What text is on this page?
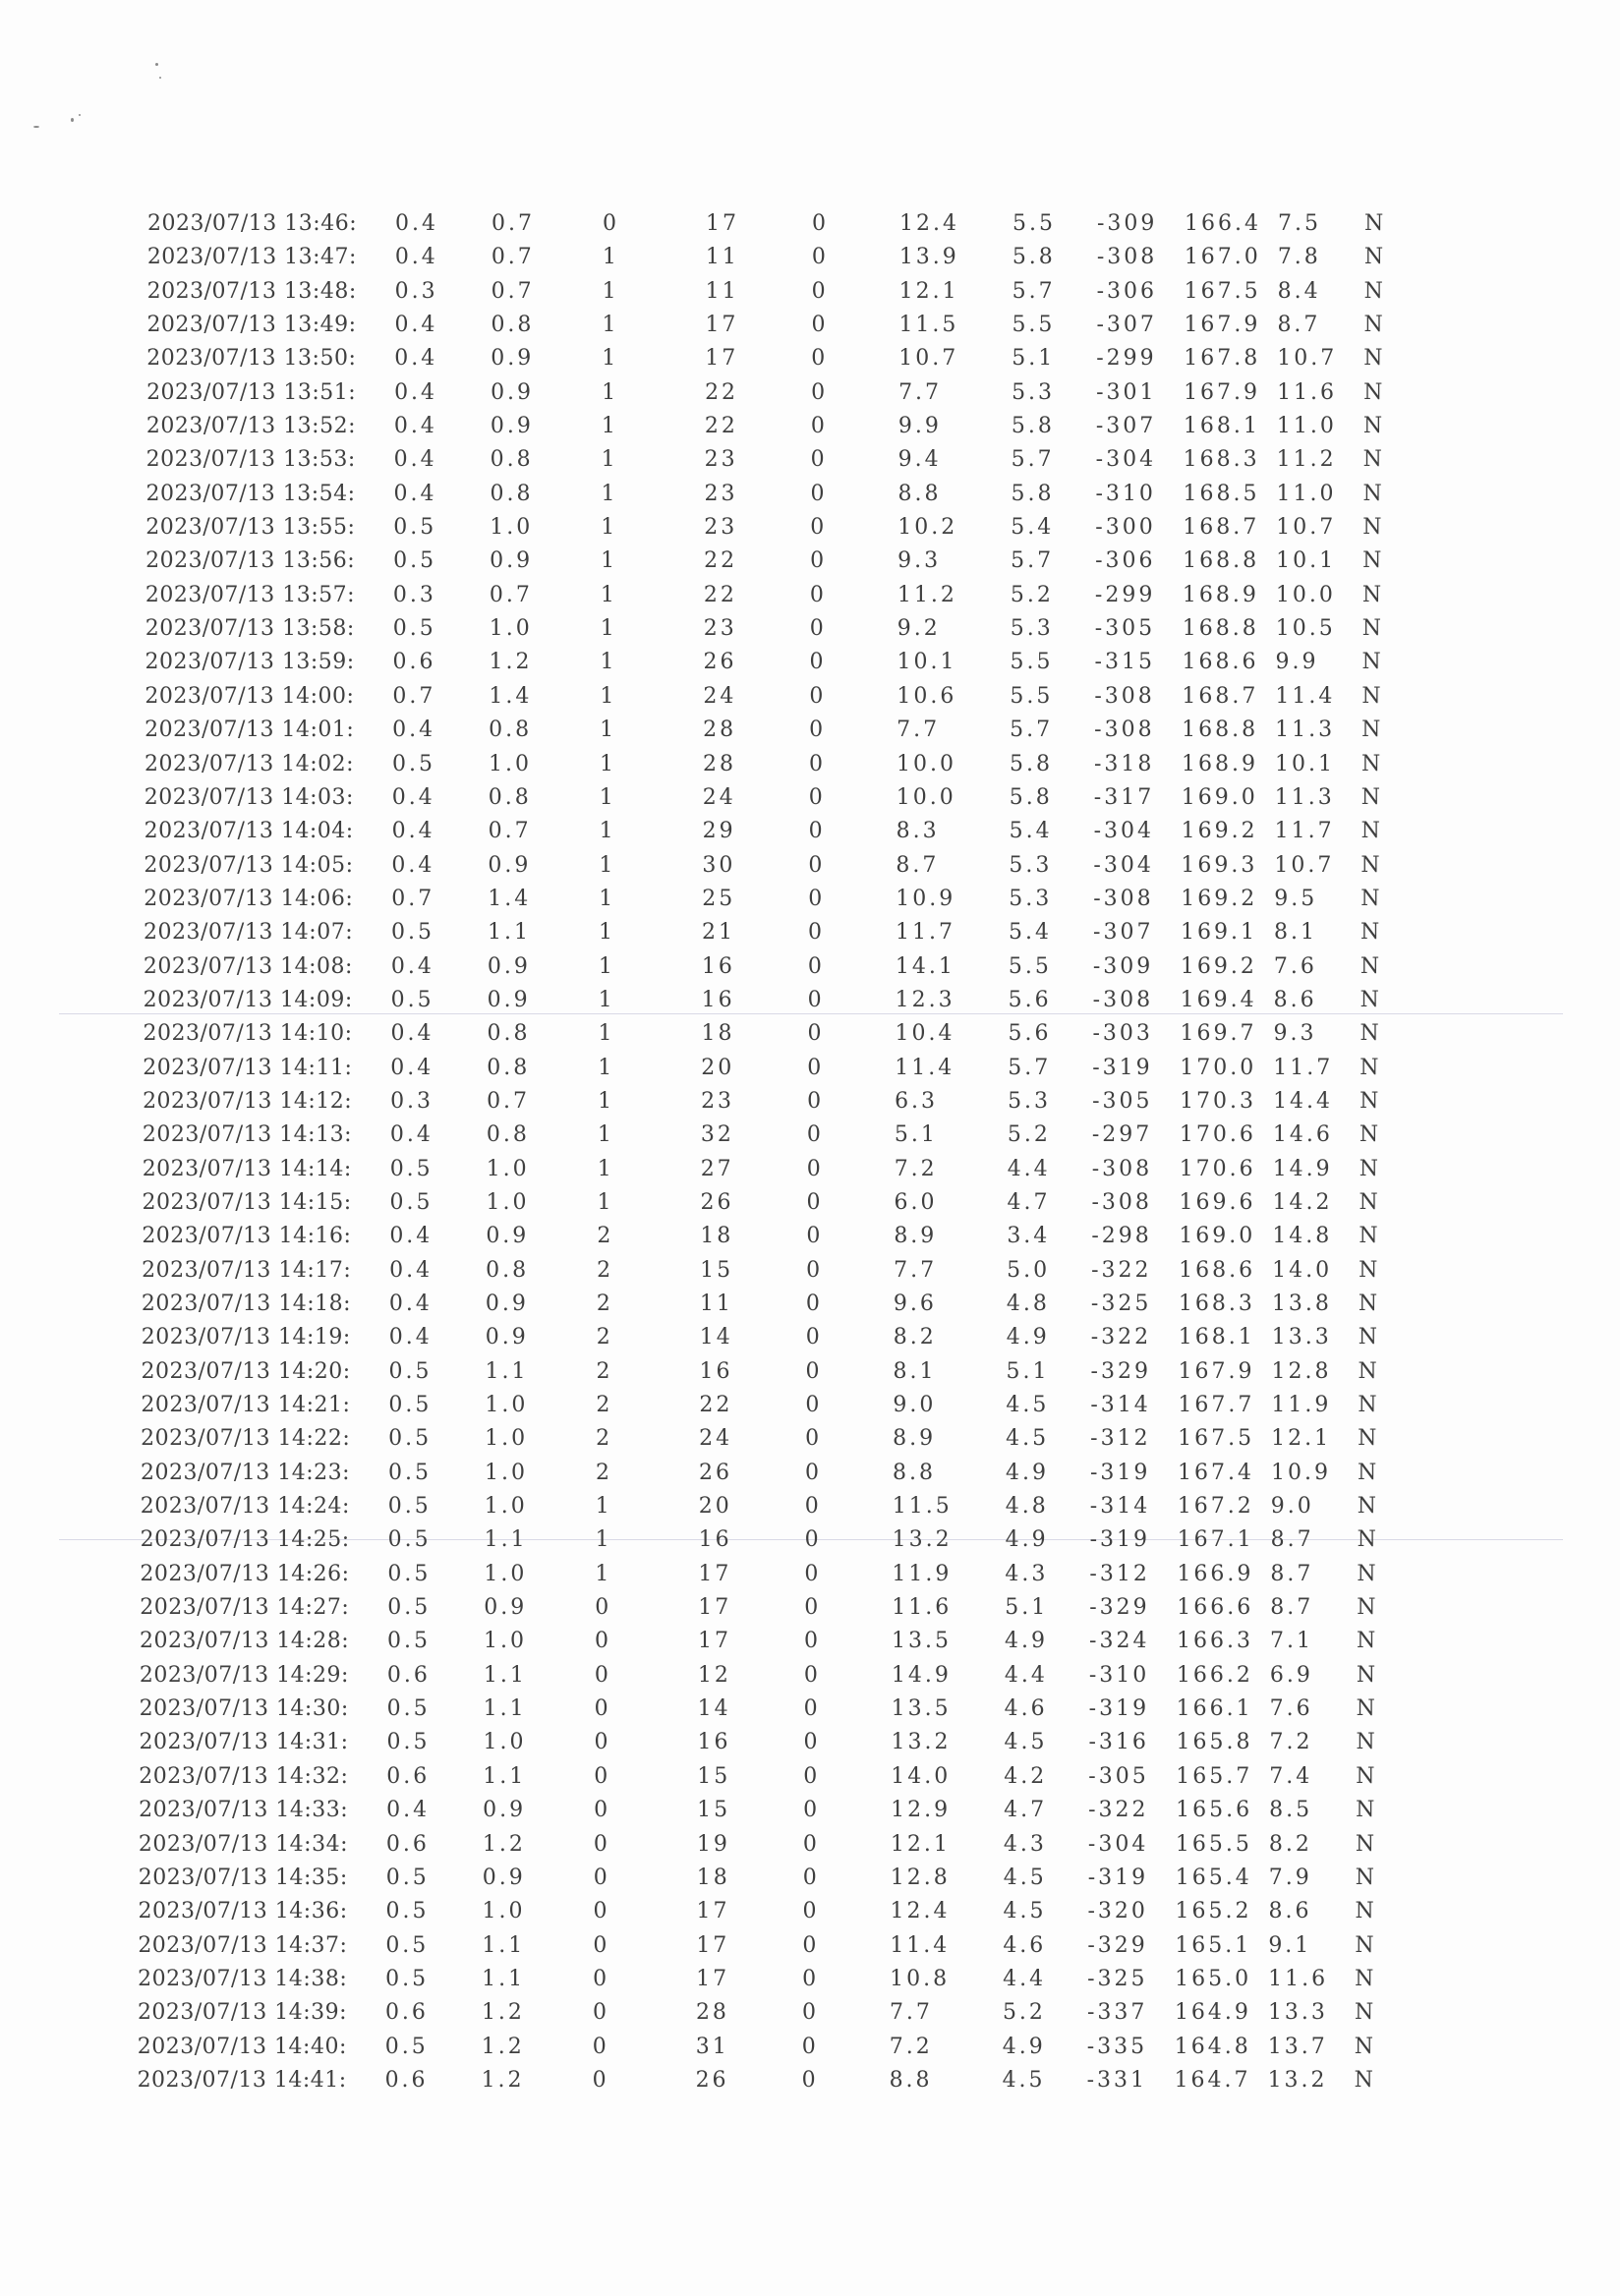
2023/07/13 13:46: 0.4 0.7	0	17	0	12.4 5.5 -309 166.4 7.5 N
2023/07/13 13:47: 0.4 0.7	1	11	0	13.9 5.8 -308 167.0 7.8 N
2023/07/13 13:48: 0.3 0.7	1	11	0	12.1 5.7 -306 167.5 8.4 N
2023/07/13 13:49: 0.4 0.8	1	17	0	11.5 5.5 -307 167.9 8.7 N
2023/07/13 13:50: 0.4 0.9	1	17	0	10.7 5.1 -299 167.8 10.7 N
2023/07/13 13:51: 0.4 0.9	1	22	0	7.7	5.3 -301 167.9 11.6 N
2023/07/13 13:52: 0.4 0.9	1	22	0	9.9	5.8 -307 168.1 11.0 N
2023/07/13 13:53: 0.4 0.8	1	23	0	9.4	5.7 -304 168.3 11.2 N
2023/07/13 13:54: 0.4 0.8	1	23	0	8.8	5.8 -310 168.5 11.0 N
2023/07/13 13:55: 0.5 1.0	1	23	0	10.2 5.4 -300 168.7 10.7 N
2023/07/13 13:56: 0.5 0.9	1	22	0	9.3	5.7 -306 168.8 10.1 N
2023/07/13 13:57: 0.3 0.7	1	22	0	11.2 5.2 -299 168.9 10.0 N
2023/07/13 13:58: 0.5 1.0	1	23	0	9.2	5.3 -305 168.8 10.5 N
2023/07/13 13:59: 0.6 1.2	1	26	0	10.1 5.5 -315 168.6 9.9 N
2023/07/13 14:00: 0.7 1.4	1	24	0	10.6 5.5 -308 168.7 11.4 N
2023/07/13 14:01: 0.4 0.8	1	28	0	7.7	5.7 -308 168.8 11.3 N
2023/07/13 14:02: 0.5 1.0	1	28	0	10.0 5.8 -318 168.9 10.1 N
2023/07/13 14:03: 0.4 0.8	1	24	0	10.0 5.8 -317 169.0 11.3 N
2023/07/13 14:04: 0.4 0.7	1	29	0	8.3	5.4 -304 169.2 11.7 N
2023/07/13 14:05: 0.4 0.9	1	30	0	8.7	5.3 -304 169.3 10.7 N
2023/07/13 14:06: 0.7 1.4	1	25	0	10.9 5.3 -308 169.2 9.5 N
2023/07/13 14:07: 0.5 1.1	1	21	0	11.7 5.4 -307 169.1 8.1 N
2023/07/13 14:08: 0.4 0.9	1	16	0	14.1 5.5 -309 169.2 7.6 N
2023/07/13 14:09: 0.5 0.9	1	16	0	12.3 5.6 -308 169.4 8.6 N
2023/07/13 14:10: 0.4 0.8	1	18	0	10.4 5.6 -303 169.7 9.3 N
2023/07/13 14:11: 0.4 0.8	1	20	0	11.4 5.7 -319 170.0 11.7 N
2023/07/13 14:12: 0.3 0.7	1	23	0	6.3	5.3 -305 170.3 14.4 N
2023/07/13 14:13: 0.4 0.8	1	32	0	5.1	5.2 -297 170.6 14.6 N
2023/07/13 14:14: 0.5 1.0	1	27	0	7.2	4.4 -308 170.6 14.9 N
2023/07/13 14:15: 0.5 1.0	1	26	0	6.0	4.7 -308 169.6 14.2 N
2023/07/13 14:16: 0.4 0.9	2	18	0	8.9	3.4 -298 169.0 14.8 N
2023/07/13 14:17: 0.4 0.8	2	15	0	7.7	5.0 -322 168.6 14.0 N
2023/07/13 14:18: 0.4 0.9	2	11	0	9.6	4.8 -325 168.3 13.8 N
2023/07/13 14:19: 0.4 0.9	2	14	0	8.2	4.9 -322 168.1 13.3 N
2023/07/13 14:20: 0.5 1.1	2	16	0	8.1	5.1 -329 167.9 12.8 N
2023/07/13 14:21: 0.5 1.0	2	22	0	9.0	4.5 -314 167.7 11.9 N
2023/07/13 14:22: 0.5 1.0	2	24	0	8.9	4.5 -312 167.5 12.1 N
2023/07/13 14:23: 0.5 1.0	2	26	0	8.8	4.9 -319 167.4 10.9 N
2023/07/13 14:24: 0.5 1.0	1	20	0	11.5 4.8 -314 167.2 9.0 N
2023/07/13 14:25: 0.5 1.1	1	16	0	13.2 4.9 -319 167.1 8.7 N
2023/07/13 14:26: 0.5 1.0	1	17	0	11.9 4.3 -312 166.9 8.7 N
2023/07/13 14:27: 0.5 0.9	0	17	0	11.6 5.1 -329 166.6 8.7 N
2023/07/13 14:28: 0.5 1.0	0	17	0	13.5 4.9 -324 166.3 7.1 N
2023/07/13 14:29: 0.6 1.1	0	12	0	14.9 4.4 -310 166.2 6.9 N
2023/07/13 14:30: 0.5 1.1	0	14	0	13.5 4.6 -319 166.1 7.6 N
2023/07/13 14:31: 0.5 1.0	0	16	0	13.2 4.5 -316 165.8 7.2 N
2023/07/13 14:32: 0.6 1.1	0	15	0	14.0 4.2 -305 165.7 7.4 N
2023/07/13 14:33: 0.4 0.9	0	15	0	12.9 4.7 -322 165.6 8.5 N
2023/07/13 14:34: 0.6 1.2	0	19	0	12.1 4.3 -304 165.5 8.2 N
2023/07/13 14:35: 0.5 0.9	0	18	0	12.8 4.5 -319 165.4 7.9 N
2023/07/13 14:36: 0.5 1.0	0	17	0	12.4 4.5 -320 165.2 8.6 N
2023/07/13 14:37: 0.5 1.1	0	17	0	11.4 4.6 -329 165.1 9.1 N
2023/07/13 14:38: 0.5 1.1	0	17	0	10.8 4.4 -325 165.0 11.6 N
2023/07/13 14:39: 0.6 1.2	0	28	0	7.7	5.2 -337 164.9 13.3 N
2023/07/13 14:40: 0.5 1.2	0	31	0	7.2	4.9 -335 164.8 13.7 N
2023/07/13 14:41: 0.6 1.2	0	26	0	8.8	4.5 -331 164.7 13.2 N
